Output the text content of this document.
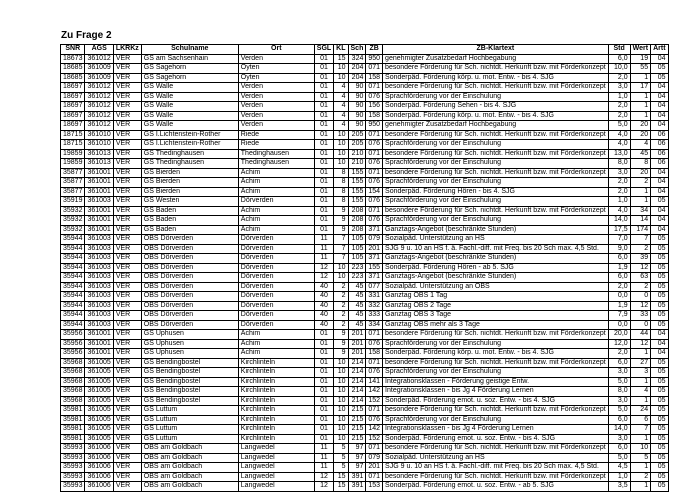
Zu Frage 2
SNR	AGS	LKRKz	Schulname	Ort	SGL	KL	Sch	ZB	ZB-Klartext	Std	Wert	Artt
18673	361012	VER	GS am Sachsenhain	Verden	01	15	324	950	genehmigter Zusatzbedarf Hochbegabung	6,0	19	04
18685	361009	VER	GS Sagehorn	Oyten	01	10	204	071	besondere Förderung für Sch. nichtdt. Herkunft bzw. mit Förderkonzept	10,0	55	05
18685	361009	VER	GS Sagehorn	Oyten	01	10	204	158	Sonderpäd. Förderung körp. u. mot. Entw. - bis 4. SJG	2,0	1	05
18697	361012	VER	GS Walle	Verden	01	4	90	071	besondere Förderung für Sch. nichtdt. Herkunft bzw. mit Förderkonzept	3,0	17	04
18697	361012	VER	GS Walle	Verden	01	4	90	076	Sprachförderung vor der Einschulung	1,0	1	04
18697	361012	VER	GS Walle	Verden	01	4	90	156	Sonderpäd. Förderung Sehen - bis 4. SJG	2,0	1	04
18697	361012	VER	GS Walle	Verden	01	4	90	158	Sonderpäd. Förderung körp. u. mot. Entw. - bis 4. SJG	2,0	1	04
18697	361012	VER	GS Walle	Verden	01	4	90	950	genehmigter Zusatzbedarf Hochbegabung	5,0	20	04
18715	361010	VER	GS I.Lichtenstein-Rother	Riede	01	10	205	071	besondere Förderung für Sch. nichtdt. Herkunft bzw. mit Förderkonzept	4,0	20	06
18715	361010	VER	GS I.Lichtenstein-Rother	Riede	01	10	205	076	Sprachförderung vor der Einschulung	4,0	4	06
19859	361013	VER	GS Thedinghausen	Thedinghausen	01	10	210	071	besondere Förderung für Sch. nichtdt. Herkunft bzw. mit Förderkonzept	13,0	45	06
19859	361013	VER	GS Thedinghausen	Thedinghausen	01	10	210	076	Sprachförderung vor der Einschulung	8,0	8	06
35877	361001	VER	GS Bierden	Achim	01	8	155	071	besondere Förderung für Sch. nichtdt. Herkunft bzw. mit Förderkonzept	3,0	20	04
35877	361001	VER	GS Bierden	Achim	01	8	155	076	Sprachförderung vor der Einschulung	2,0	2	04
35877	361001	VER	GS Bierden	Achim	01	8	155	154	Sonderpäd. Förderung Hören - bis 4. SJG	2,0	1	04
35919	361003	VER	GS Westen	Dörverden	01	8	155	076	Sprachförderung vor der Einschulung	1,0	1	05
35932	361001	VER	GS Baden	Achim	01	9	208	071	besondere Förderung für Sch. nichtdt. Herkunft bzw. mit Förderkonzept	4,0	34	04
35932	361001	VER	GS Baden	Achim	01	9	208	076	Sprachförderung vor der Einschulung	14,0	14	04
35932	361001	VER	GS Baden	Achim	01	9	208	371	Ganztags-Angebot (beschränkte Stunden)	17,5	174	04
35944	361003	VER	OBS Dörverden	Dörverden	11	7	105	079	Sozialpäd. Unterstützung an HS	7,0	7	05
35944	361003	VER	OBS Dörverden	Dörverden	11	7	105	201	SJG 9 u. 10 an HS f. ä. Fachl.-diff. mit Freq. bis 20 Sch max. 4,5 Std.	9,0	2	05
35944	361003	VER	OBS Dörverden	Dörverden	11	7	105	371	Ganztags-Angebot (beschränkte Stunden)	6,0	39	05
35944	361003	VER	OBS Dörverden	Dörverden	12	10	223	155	Sonderpäd. Förderung Hören - ab 5. SJG	1,9	12	05
35944	361003	VER	OBS Dörverden	Dörverden	12	10	223	371	Ganztags-Angebot (beschränkte Stunden)	6,0	63	05
35944	361003	VER	OBS Dörverden	Dörverden	40	2	45	077	Sozialpäd. Unterstützung an OBS	2,0	2	05
35944	361003	VER	OBS Dörverden	Dörverden	40	2	45	331	Ganztag OBS 1 Tag	0,0	0	05
35944	361003	VER	OBS Dörverden	Dörverden	40	2	45	332	Ganztag OBS 2 Tage	1,9	12	05
35944	361003	VER	OBS Dörverden	Dörverden	40	2	45	333	Ganztag OBS 3 Tage	7,9	33	05
35944	361003	VER	OBS Dörverden	Dörverden	40	2	45	334	Ganztag OBS mehr als 3 Tage	0,0	0	05
35956	361001	VER	GS Uphusen	Achim	01	9	201	071	besondere Förderung für Sch. nichtdt. Herkunft bzw. mit Förderkonzept	20,0	44	04
35956	361001	VER	GS Uphusen	Achim	01	9	201	076	Sprachförderung vor der Einschulung	12,0	12	04
35956	361001	VER	GS Uphusen	Achim	01	9	201	158	Sonderpäd. Förderung körp. u. mot. Entw. - bis 4. SJG	2,0	1	04
35968	361005	VER	GS Bendingbostel	Kirchlinteln	01	10	214	071	besondere Förderung für Sch. nichtdt. Herkunft bzw. mit Förderkonzept	6,0	27	05
35968	361005	VER	GS Bendingbostel	Kirchlinteln	01	10	214	076	Sprachförderung vor der Einschulung	3,0	3	05
35968	361005	VER	GS Bendingbostel	Kirchlinteln	01	10	214	141	Integrationsklassen - Förderung geistige Entw.	5,0	1	05
35968	361005	VER	GS Bendingbostel	Kirchlinteln	01	10	214	142	Integrationsklassen - bis Jg 4 Förderung Lernen	8,0	4	05
35968	361005	VER	GS Bendingbostel	Kirchlinteln	01	10	214	152	Sonderpäd. Förderung emot. u. soz. Entw. - bis 4. SJG	3,0	1	05
35981	361005	VER	GS Luttum	Kirchlinteln	01	10	215	071	besondere Förderung für Sch. nichtdt. Herkunft bzw. mit Förderkonzept	5,0	24	05
35981	361005	VER	GS Luttum	Kirchlinteln	01	10	215	076	Sprachförderung vor der Einschulung	6,0	6	05
35981	361005	VER	GS Luttum	Kirchlinteln	01	10	215	142	Integrationsklassen - bis Jg 4 Förderung Lernen	14,0	7	05
35981	361005	VER	GS Luttum	Kirchlinteln	01	10	215	152	Sonderpäd. Förderung emot. u. soz. Entw. - bis 4. SJG	3,0	1	05
35993	361006	VER	OBS am Goldbach	Langwedel	11	5	97	071	besondere Förderung für Sch. nichtdt. Herkunft bzw. mit Förderkonzept	6,0	10	05
35993	361006	VER	OBS am Goldbach	Langwedel	11	5	97	079	Sozialpäd. Unterstützung an HS	5,0	5	05
35993	361006	VER	OBS am Goldbach	Langwedel	11	5	97	201	SJG 9 u. 10 an HS f. ä. Fachl.-diff. mit Freq. bis 20 Sch max. 4,5 Std.	4,5	1	05
35993	361006	VER	OBS am Goldbach	Langwedel	12	15	391	071	besondere Förderung für Sch. nichtdt. Herkunft bzw. mit Förderkonzept	1,0	2	05
35993	361006	VER	OBS am Goldbach	Langwedel	12	15	391	153	Sonderpäd. Förderung emot. u. soz. Entw. - ab 5. SJG	3,5	1	05
